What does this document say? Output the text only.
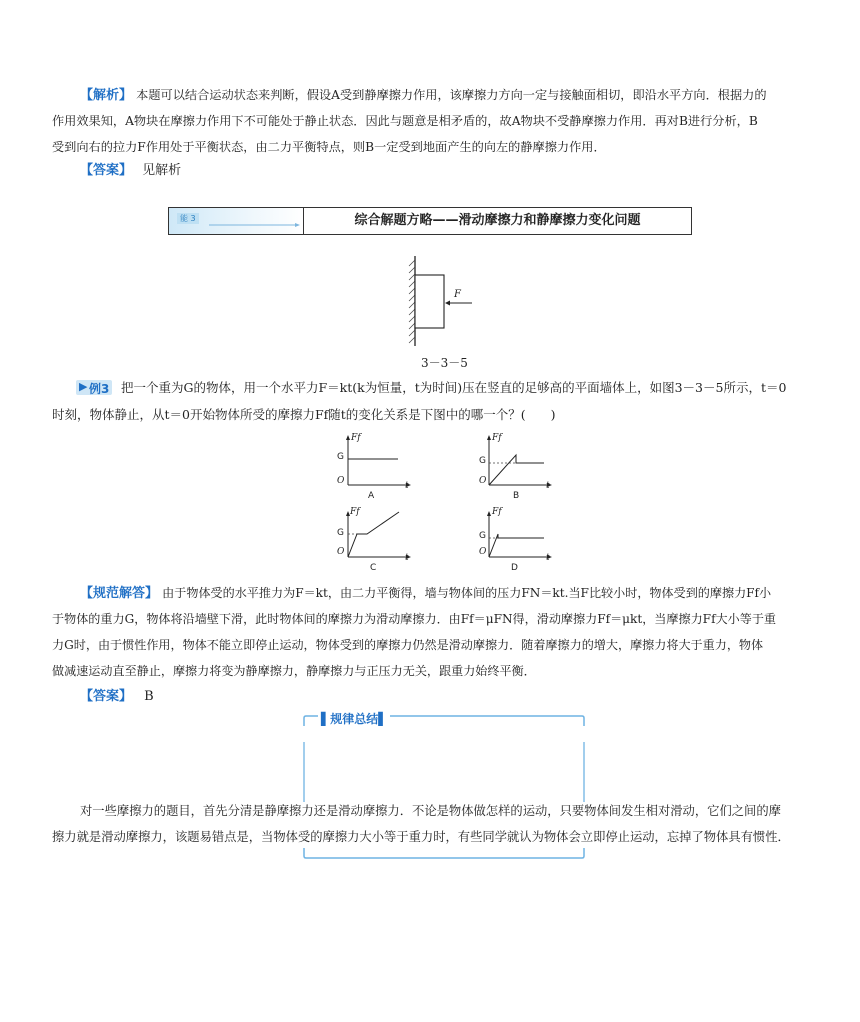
【解析】 本题可以结合运动状态来判断，假设A受到静摩擦力作用，该摩擦力方向一定与接触面相切，即沿水平方向．根据力的
作用效果知，A物块在摩擦力作用下不可能处于静止状态．因此与题意是相矛盾的，故A物块不受静摩擦力作用．再对B进行分析，B
受到向右的拉力F作用处于平衡状态，由二力平衡特点，则B一定受到地面产生的向左的静摩擦力作用．
【答案】 见解析
能 3	综合解题方略——滑动摩擦力和静摩擦力变化问题
F
3－3－5
▶ 例3 把一个重为G的物体，用一个水平力F＝kt(k为恒量，t为时间)压在竖直的足够高的平面墙体上，如图3－3－5所示，t＝0
时刻，物体静止，从t＝0开始物体所受的摩擦力Ff随t的变化关系是下图中的哪一个？(　　)
Ff
G
O	t
A
Ff
G
O	t
B
Ff
G
O
t
C
Ff
G
O
t
D
【规范解答】 由于物体受的水平推力为F＝kt，由二力平衡得，墙与物体间的压力FN＝kt.当F比较小时，物体受到的摩擦力Ff小
于物体的重力G，物体将沿墙壁下滑，此时物体间的摩擦力为滑动摩擦力．由Ff＝μFN得，滑动摩擦力Ff＝μkt，当摩擦力Ff大小等于重
力G时，由于惯性作用，物体不能立即停止运动，物体受到的摩擦力仍然是滑动摩擦力．随着摩擦力的增大，摩擦力将大于重力，物体
做减速运动直至静止，摩擦力将变为静摩擦力，静摩擦力与正压力无关，跟重力始终平衡．
【答案】 B
▌规律总结▌
对一些摩擦力的题目，首先分清是静摩擦力还是滑动摩擦力．不论是物体做怎样的运动，只要物体间发生相对滑动，它们之间的摩
擦力就是滑动摩擦力，该题易错点是，当物体受的摩擦力大小等于重力时，有些同学就认为物体会立即停止运动，忘掉了物体具有惯性．
